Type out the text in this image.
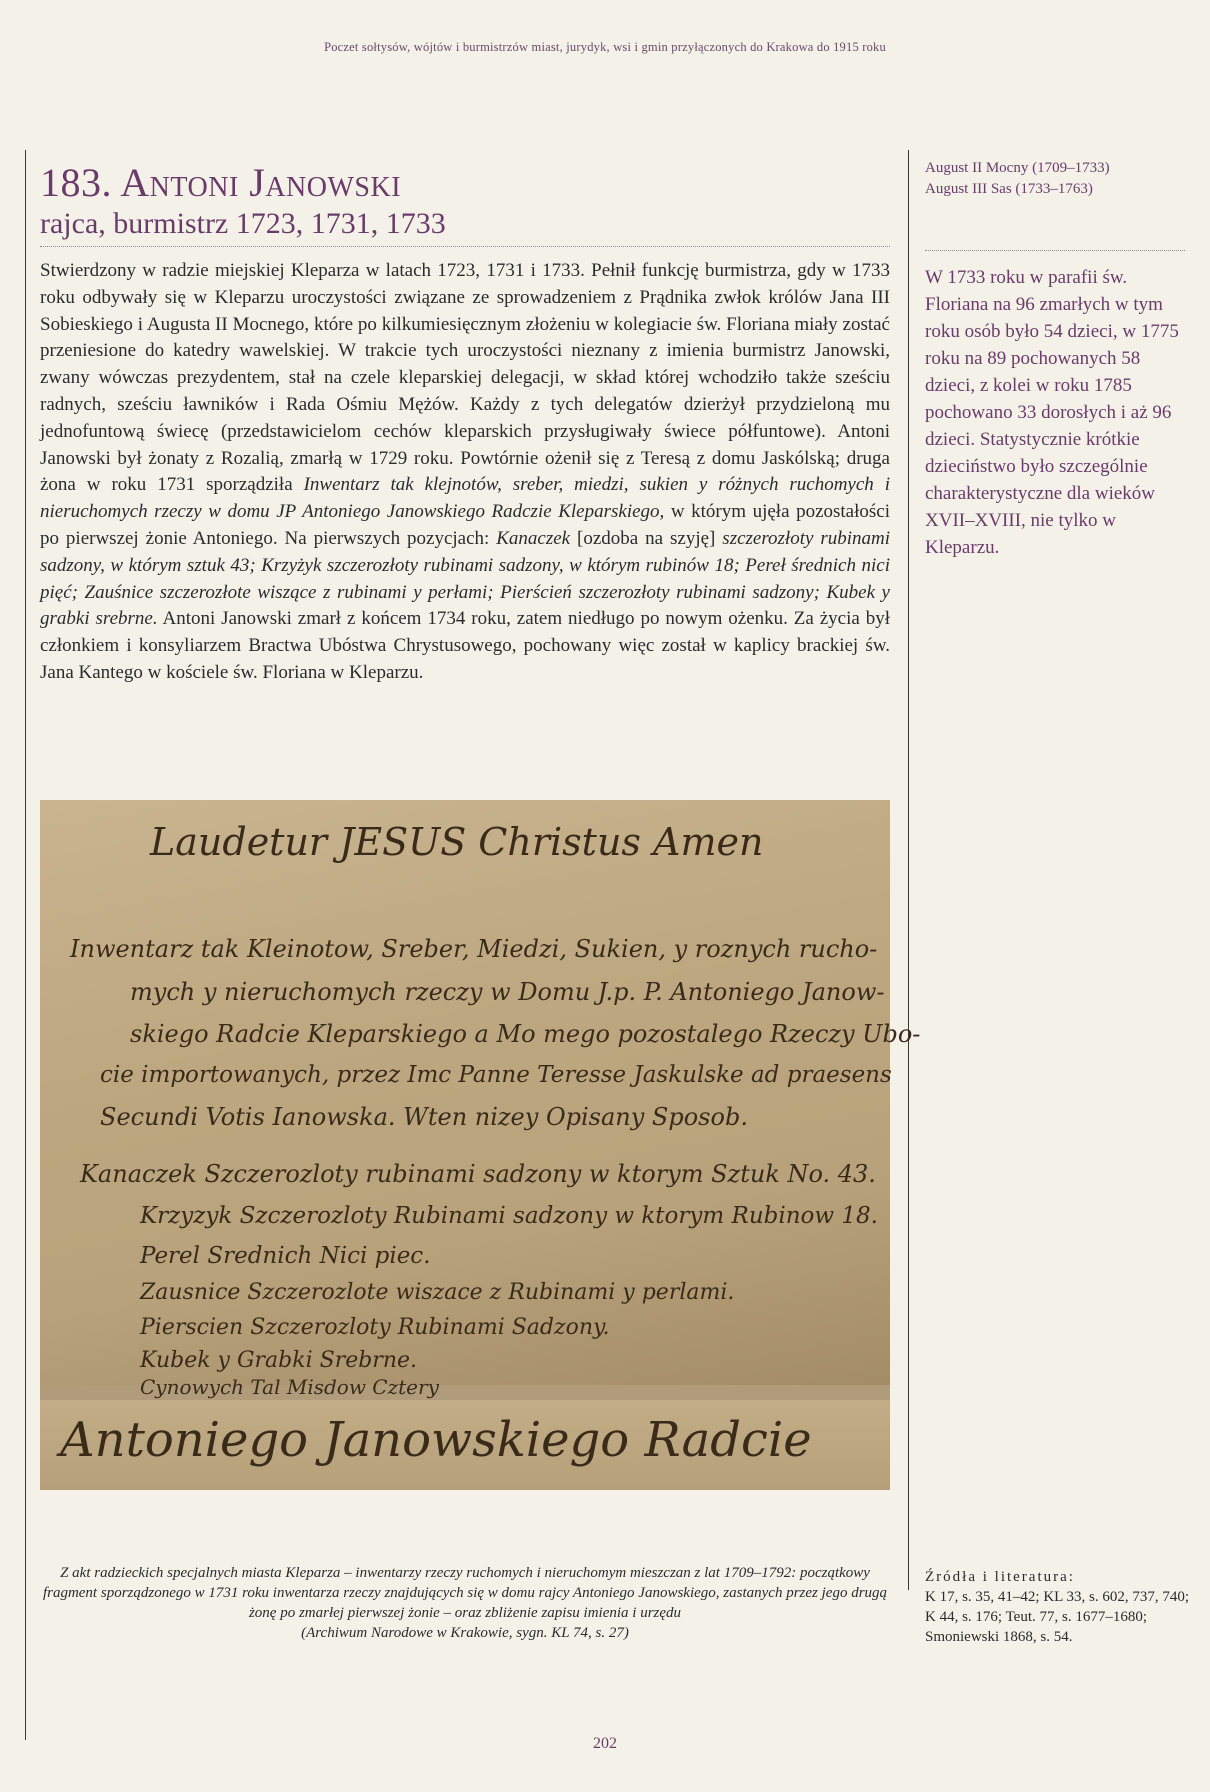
Poczet sołtysów, wójtów i burmistrzów miast, jurydyk, wsi i gmin przyłączonych do Krakowa do 1915 roku
183. Antoni Janowski
rajca, burmistrz 1723, 1731, 1733

Stwierdzony w radzie miejskiej Kleparza w latach 1723, 1731 i 1733. Pełnił funkcję burmistrza, gdy w 1733 roku odbywały się w Kleparzu uroczystości związane ze sprowadzeniem z Prądnika zwłok królów Jana III Sobieskiego i Augusta II Mocnego, które po kilkumiesięcznym złożeniu w kolegiacie św. Floriana miały zostać przeniesione do katedry wawelskiej. W trakcie tych uroczystości nieznany z imienia burmistrz Janowski, zwany wówczas prezydentem, stał na czele kleparskiej delegacji, w skład której wchodziło także sześciu radnych, sześciu ławników i Rada Ośmiu Mężów. Każdy z tych delegatów dzierżył przydzieloną mu jednofuntową świecę (przedstawicielom cechów kleparskich przysługiwały świece półfuntowe). Antoni Janowski był żonaty z Rozalią, zmarłą w 1729 roku. Powtórnie ożenił się z Teresą z domu Jaskólską; druga żona w roku 1731 sporządziła Inwentarz tak klejnotów, sreber, miedzi, sukien y różnych ruchomych i nieruchomych rzeczy w domu JP Antoniego Janowskiego Radczie Kleparskiego, w którym ujęła pozostałości po pierwszej żonie Antoniego. Na pierwszych pozycjach: Kanaczek [ozdoba na szyję] szczerozłoty rubinami sadzony, w którym sztuk 43; Krzyżyk szczerozłoty rubinami sadzony, w którym rubinów 18; Pereł średnich nici pięć; Zauśnice szczerozłote wiszące z rubinami y perłami; Pierścień szczerozłoty rubinami sadzony; Kubek y grabki srebrne. Antoni Janowski zmarł z końcem 1734 roku, zatem niedługo po nowym ożenku. Za życia był członkiem i konsyliarzem Bractwa Ubóstwa Chrystusowego, pochowany więc został w kaplicy brackiej św. Jana Kantego w kościele św. Floriana w Kleparzu.

August II Mocny (1709–1733)
August III Sas (1733–1763)
W 1733 roku w parafii św. Floriana na 96 zmarłych w tym roku osób było 54 dzieci, w 1775 roku na 89 pochowanych 58 dzieci, z kolei w roku 1785 pochowano 33 dorosłych i aż 96 dzieci. Statystycznie krótkie dzieciństwo było szczególnie charakterystyczne dla wieków XVII–XVIII, nie tylko w Kleparzu.
Laudetur JESUS Christus Amen
Inwentarz tak Kleinotow, Sreber, Miedzi, Sukien, y roznych rucho-
mych y nieruchomych rzeczy w Domu J.p. P. Antoniego Janow-
skiego Radcie Kleparskiego a Mo mego pozostalego Rzeczy Ubo-
cie importowanych, przez Imc Panne Teresse Jaskulske ad praesens
Secundi Votis Ianowska. Wten nizey Opisany Sposob.
Kanaczek Szczerozloty rubinami sadzony w ktorym Sztuk No. 43.
Krzyzyk Szczerozloty Rubinami sadzony w ktorym Rubinow 18.
Perel Srednich Nici piec.
Zausnice Szczerozlote wiszace z Rubinami y perlami.
Pierscien Szczerozloty Rubinami Sadzony.
Kubek y Grabki Srebrne.
Cynowych Tal Misdow Cztery
Antoniego Janowskiego Radcie
Z akt radzieckich specjalnych miasta Kleparza – inwentarzy rzeczy ruchomych i nieruchomym mieszczan z lat 1709–1792: początkowy fragment sporządzonego w 1731 roku inwentarza rzeczy znajdujących się w domu rajcy Antoniego Janowskiego, zastanych przez jego drugą żonę po zmarłej pierwszej żonie – oraz zbliżenie zapisu imienia i urzędu
(Archiwum Narodowe w Krakowie, sygn. KL 74, s. 27)
Źródła i literatura:
K 17, s. 35, 41–42; KL 33, s. 602, 737, 740; K 44, s. 176; Teut. 77, s. 1677–1680; Smoniewski 1868, s. 54.
202
